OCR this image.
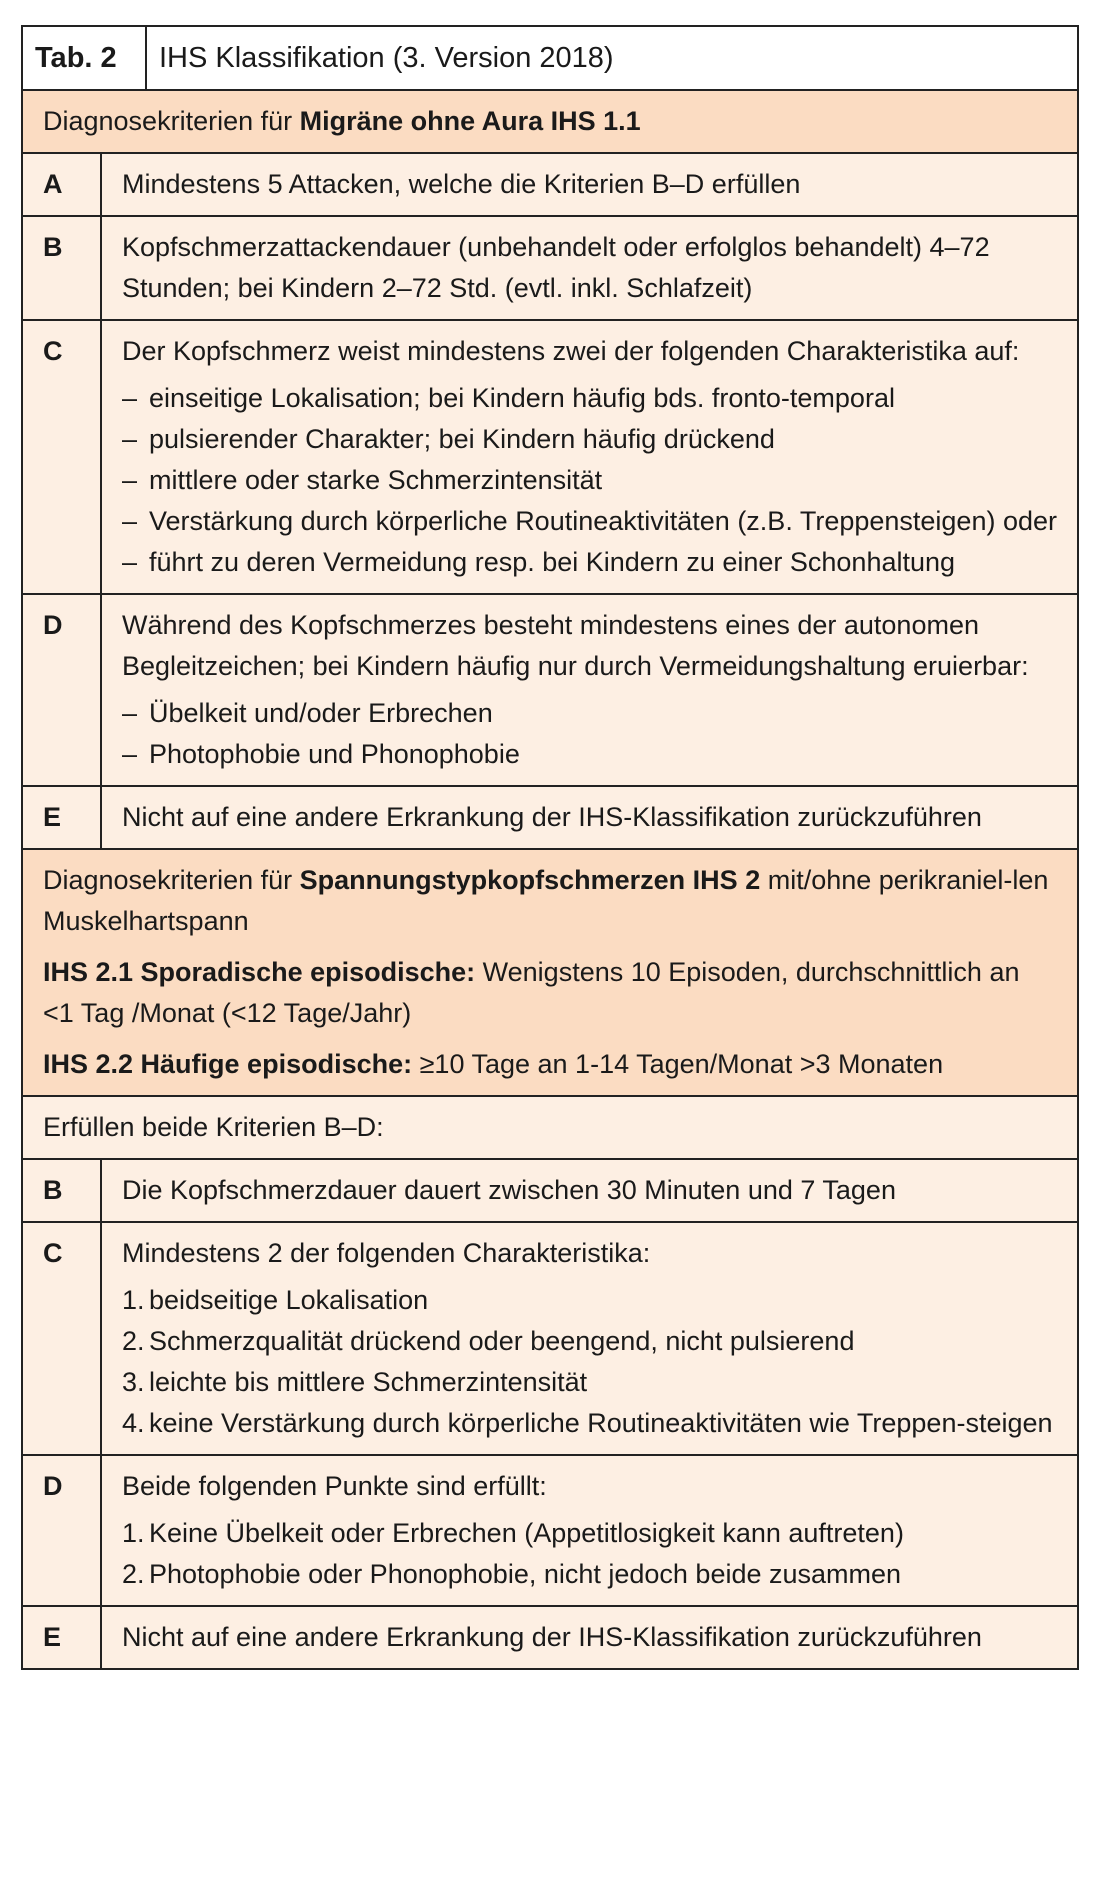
Tab. 2	IHS Klassifikation (3. Version 2018)

Diagnosekriterien für Migräne ohne Aura IHS 1.1

A	Mindestens 5 Attacken, welche die Kriterien B–D erfüllen

B	Kopfschmerzattackendauer (unbehandelt oder erfolglos behandelt) 4–72 Stunden; bei Kindern 2–72 Std. (evtl. inkl. Schlafzeit)

C	Der Kopfschmerz weist mindestens zwei der folgenden Charakteristika auf:

– einseitige Lokalisation; bei Kindern häufig bds. fronto-temporal
– pulsierender Charakter; bei Kindern häufig drückend
– mittlere oder starke Schmerzintensität
– Verstärkung durch körperliche Routineaktivitäten (z.B. Treppensteigen) oder
– führt zu deren Vermeidung resp. bei Kindern zu einer Schonhaltung
D	Während des Kopfschmerzes besteht mindestens eines der autonomen Begleitzeichen; bei Kindern häufig nur durch Vermeidungshaltung eruierbar:

– Übelkeit und/oder Erbrechen
– Photophobie und Phonophobie
E	Nicht auf eine andere Erkrankung der IHS-Klassifikation zurückzuführen

Diagnosekriterien für Spannungstypkopfschmerzen IHS 2 mit/ohne perikraniel-len Muskelhartspann

IHS 2.1 Sporadische episodische: Wenigstens 10 Episoden, durchschnittlich an <1 Tag /Monat (<12 Tage/Jahr)

IHS 2.2 Häufige episodische: ≥10 Tage an 1-14 Tagen/Monat >3 Monaten

Erfüllen beide Kriterien B–D:
B	Die Kopfschmerzdauer dauert zwischen 30 Minuten und 7 Tagen

C	Mindestens 2 der folgenden Charakteristika:

1. beidseitige Lokalisation
2. Schmerzqualität drückend oder beengend, nicht pulsierend
3. leichte bis mittlere Schmerzintensität
4. keine Verstärkung durch körperliche Routineaktivitäten wie Treppen-steigen
D	Beide folgenden Punkte sind erfüllt:

1. Keine Übelkeit oder Erbrechen (Appetitlosigkeit kann auftreten)
2. Photophobie oder Phonophobie, nicht jedoch beide zusammen
E	Nicht auf eine andere Erkrankung der IHS-Klassifikation zurückzuführen
